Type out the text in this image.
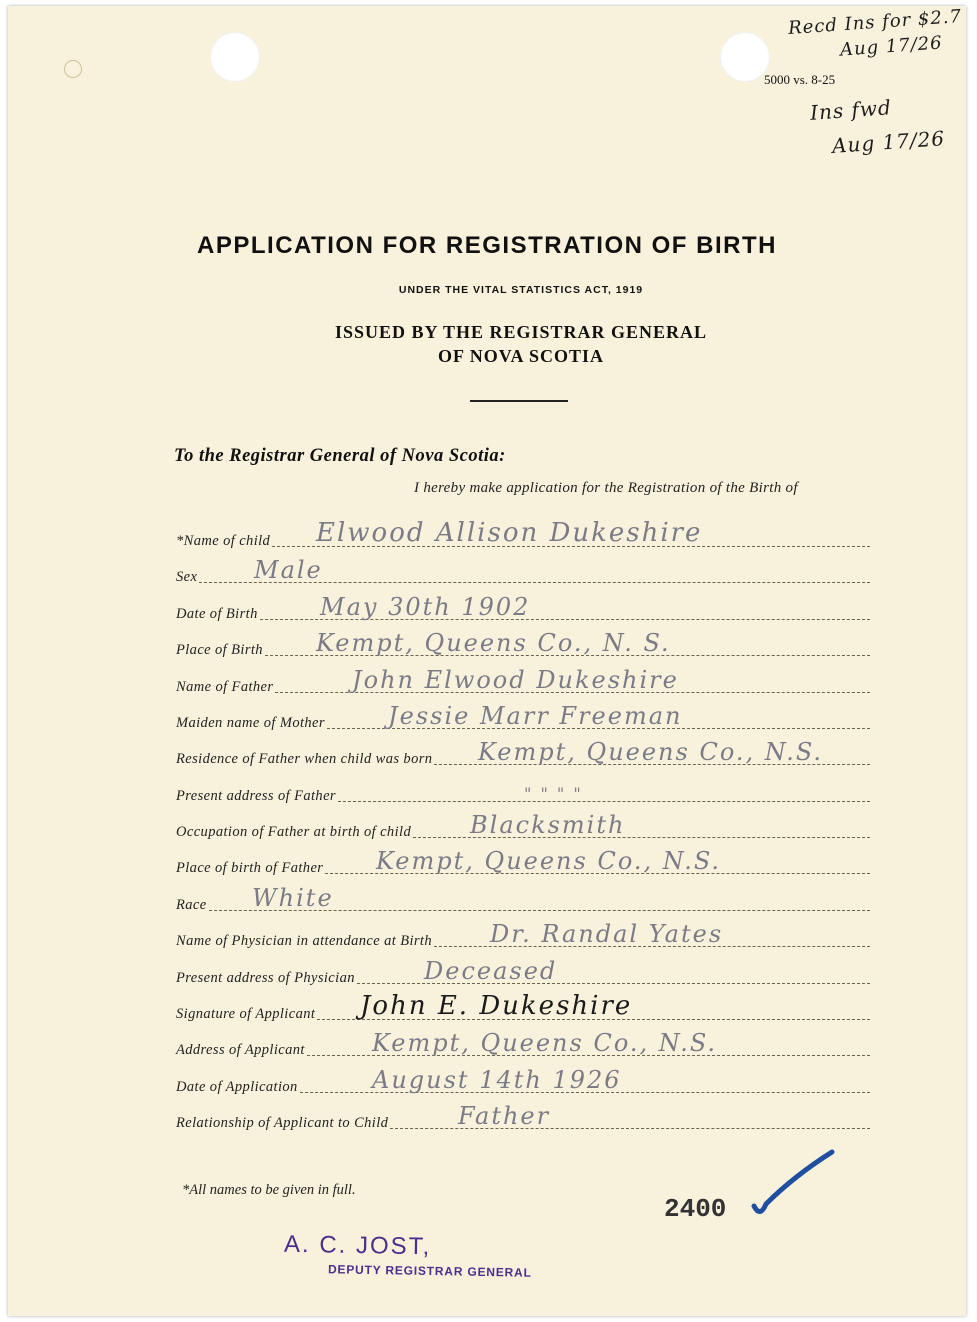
Recd Ins for $2.7
Aug 17/26
5000 vs. 8-25
Ins fwd
Aug 17/26
APPLICATION FOR REGISTRATION OF BIRTH
UNDER THE VITAL STATISTICS ACT, 1919
ISSUED BY THE REGISTRAR GENERAL
OF NOVA SCOTIA
To the Registrar General of Nova Scotia:
I hereby make application for the Registration of the Birth of
*Name of child Elwood Allison Dukeshire
Sex Male
Date of Birth	May 30th 1902
Place of Birth Kempt, Queens Co., N. S.
Name of Father	John Elwood Dukeshire
Maiden name of Mother	Jessie Marr Freeman
Residence of Father when child was born Kempt, Queens Co., N.S.
Present address of Father	" " " "
Occupation of Father at birth of child Blacksmith
Place of birth of Father Kempt, Queens Co., N.S.
Race White
Name of Physician in attendance at Birth Dr. Randal Yates
Present address of Physician	Deceased
Signature of Applicant John E. Dukeshire
Address of Applicant	Kempt, Queens Co., N.S.
Date of Application	August 14th 1926
Relationship of Applicant to Child	Father
*All names to be given in full.
2400
A. C. JOST,
DEPUTY REGISTRAR GENERAL
